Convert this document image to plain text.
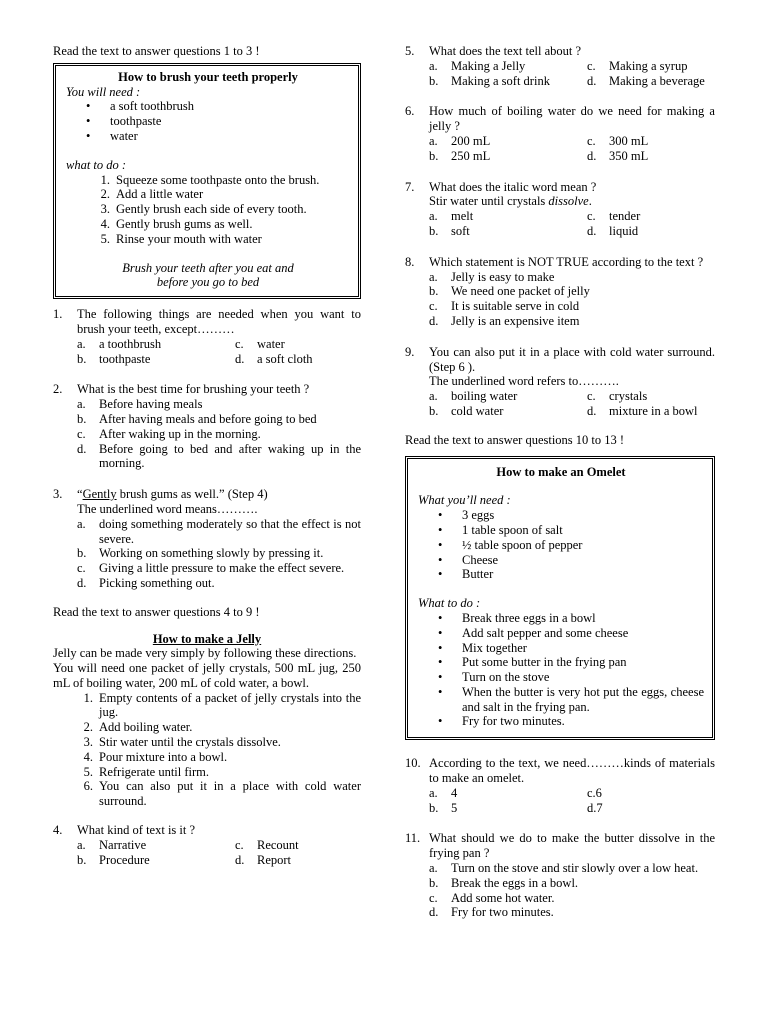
Read the text to answer questions 1 to 3 !
How to brush your teeth properly
You will need :
• a soft toothbrush
• toothpaste
• water
what to do :
1. Squeeze some toothpaste onto the brush.
2. Add a little water
3. Gently brush each side of every tooth.
4. Gently brush gums as well.
5. Rinse your mouth with water
Brush your teeth after you eat and
before you go to bed
1.	The following things are needed when you want to brush your teeth, except………
a.	a toothbrush	c.	water
b.	toothpaste	d.	a soft cloth
2.	What is the best time for brushing your teeth ?
a.	Before having meals
b.	After having meals and before going to bed
c.	After waking up in the morning.
d.	Before going to bed and after waking up in the morning.
3.	“Gently brush gums as well.” (Step 4)
The underlined word means……….
a.	doing something moderately so that the effect is not severe.
b.	Working on something slowly by pressing it.
c.	Giving a little pressure to make the effect severe.
d.	Picking something out.
Read the text to answer questions 4 to 9 !
How to make a Jelly
Jelly can be made very simply by following these directions.
You will need one packet of jelly crystals, 500 mL jug, 250 mL of boiling water, 200 mL of cold water, a bowl.
1. Empty contents of a packet of jelly crystals into the jug.
2. Add boiling water.
3. Stir water until the crystals dissolve.
4. Pour mixture into a bowl.
5. Refrigerate until firm.
6. You can also put it in a place with cold water surround.
4.	What kind of text is it ?
a.	Narrative	c.	Recount
b.	Procedure	d.	Report
5.	What does the text tell about ?
a.	Making a Jelly	c.	Making a syrup
b.	Making a soft drink	d.	Making a beverage
6.	How much of boiling water do we need for making a jelly ?
a.	200 mL	c.	300 mL
b.	250 mL	d.	350 mL
7.	What does the italic word mean ?
Stir water until crystals dissolve.
a.	melt	c.	tender
b.	soft	d.	liquid
8.	Which statement is NOT TRUE according to the text ?
a.	Jelly is easy to make
b.	We need one packet of jelly
c.	It is suitable serve in cold
d.	Jelly is an expensive item
9.	You can also put it in a place with cold water surround. (Step 6 ).
The underlined word refers to……….
a.	boiling water	c.	crystals
b.	cold water	d.	mixture in a bowl
Read the text to answer questions 10 to 13 !
How to make an Omelet
What you’ll need :
• 3 eggs
• 1 table spoon of salt
• ½ table spoon of pepper
• Cheese
• Butter
What to do :
• Break three eggs in a bowl
• Add salt pepper and some cheese
• Mix together
• Put some butter in the frying pan
• Turn on the stove
• When the butter is very hot put the eggs, cheese and salt in the frying pan.
• Fry for two minutes.
10. According to the text, we need………kinds of materials to make an omelet.
a.	4	c.6
b.	5	d.7
11. What should we do to make the butter dissolve in the frying pan ?
a.	Turn on the stove and stir slowly over a low heat.
b.	Break the eggs in a bowl.
c.	Add some hot water.
d.	Fry for two minutes.
